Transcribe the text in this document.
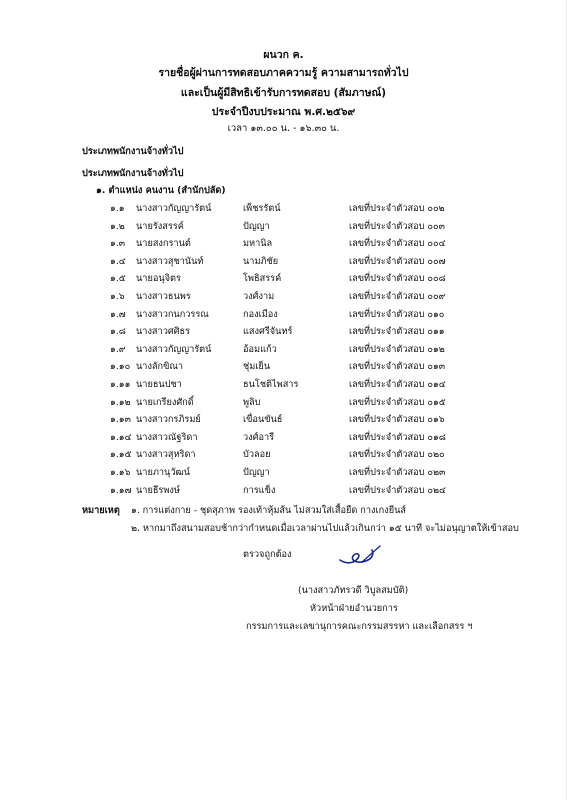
ผนวก ค.
รายชื่อผู้ผ่านการทดสอบภาคความรู้ ความสามารถทั่วไป
และเป็นผู้มีสิทธิเข้ารับการทดสอบ (สัมภาษณ์)
ประจำปีงบประมาณ พ.ศ.๒๕๖๙
เวลา ๑๓.๐๐ น. - ๑๖.๓๐ น.
ประเภทพนักงานจ้างทั่วไป
ประเภทพนักงานจ้างทั่วไป
๑. ตำแหน่ง คนงาน (สำนักปลัด)
๑.๑ นางสาวกัญญารัตน์	เพ็ชรรัตน์	เลขที่ประจำตัวสอบ ๐๐๒
๑.๒ นายรังสรรค์	ปัญญา	เลขที่ประจำตัวสอบ ๐๐๓
๑.๓ นายสงกรานต์	มหานิล	เลขที่ประจำตัวสอบ ๐๐๔
๑.๔ นางสาวสุชานันท์	นามภิชัย	เลขที่ประจำตัวสอบ ๐๐๗
๑.๕ นายอนุจิตร	โพธิสรรค์	เลขที่ประจำตัวสอบ ๐๐๘
๑.๖ นางสาวธนพร	วงศ์งาม	เลขที่ประจำตัวสอบ ๐๐๙
๑.๗ นางสาวกนกวรรณ	กองเมือง	เลขที่ประจำตัวสอบ ๐๑๐
๑.๘ นางสาวศศิธร	แสงศรีจันทร์	เลขที่ประจำตัวสอบ ๐๑๑
๑.๙ นางสาวกัญญารัตน์	อ้อมแก้ว	เลขที่ประจำตัวสอบ ๐๑๒
๑.๑๐ นางลักขิณา	ชุ่มเย็น	เลขที่ประจำตัวสอบ ๐๑๓
๑.๑๑ นายธนปชา	ธนโชติไพสาร	เลขที่ประจำตัวสอบ ๐๑๔
๑.๑๒ นายเกรียงศักดิ์	พูลิบ	เลขที่ประจำตัวสอบ ๐๑๕
๑.๑๓ นางสาวกรภิรมย์	เขื่อนขันธ์	เลขที่ประจำตัวสอบ ๐๑๖
๑.๑๔ นางสาวณัฐริดา	วงศ์อารี	เลขที่ประจำตัวสอบ ๐๑๘
๑.๑๕ นางสาวสุหริดา	บัวลอย	เลขที่ประจำตัวสอบ ๐๒๐
๑.๑๖ นายภานุวัฒน์	ปัญญา	เลขที่ประจำตัวสอบ ๐๒๓
๑.๑๗ นายธีรพงษ์	การแข็ง	เลขที่ประจำตัวสอบ ๐๒๔
หมายเหตุ ๑. การแต่งกาย - ชุดสุภาพ รองเท้าหุ้มส้น ไม่สวมใส่เสื้อยืด กางเกงยีนส์
๒. หากมาถึงสนามสอบช้ากว่ากำหนดเมื่อเวลาผ่านไปแล้วเกินกว่า ๑๕ นาที จะไม่อนุญาตให้เข้าสอบ
ตรวจถูกต้อง
(นางสาวภัทรวดี วิบูลสมบัติ)
หัวหน้าฝ่ายอำนวยการ
กรรมการและเลขานุการคณะกรรมสรรหา และเลือกสรร ฯ
